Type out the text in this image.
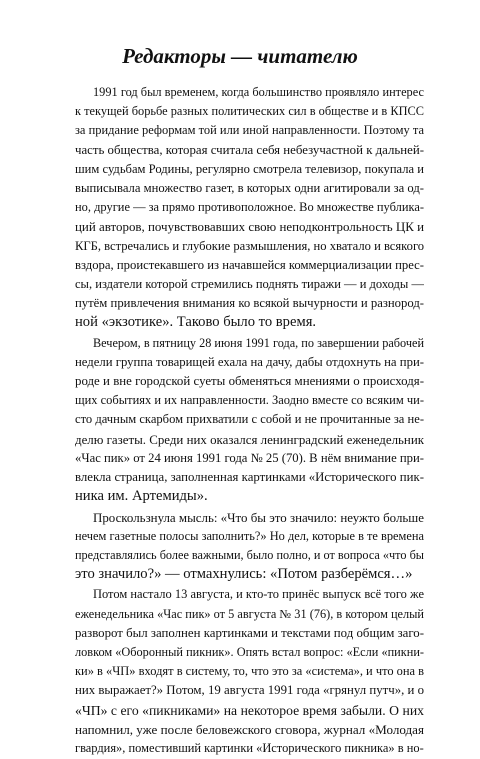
Редакторы — читателю
1991 год был временем, когда большинство проявляло интерес
к текущей борьбе разных политических сил в обществе и в КПСС
за придание реформам той или иной направленности. Поэтому та
часть общества, которая считала себя небезучастной к дальней-
шим судьбам Родины, регулярно смотрела телевизор, покупала и
выписывала множество газет, в которых одни агитировали за од-
но, другие — за прямо противоположное. Во множестве публика-
ций авторов, почувствовавших свою неподконтрольность ЦК и
КГБ, встречались и глубокие размышления, но хватало и всякого
вздора, проистекавшего из начавшейся коммерциализации прес-
сы, издатели которой стремились поднять тиражи — и доходы —
путём привлечения внимания ко всякой вычурности и разнород-
ной «экзотике». Таково было то время.
Вечером, в пятницу 28 июня 1991 года, по завершении рабочей
недели группа товарищей ехала на дачу, дабы отдохнуть на при-
роде и вне городской суеты обменяться мнениями о происходя-
щих событиях и их направленности. Заодно вместе со всяким чи-
сто дачным скарбом прихватили с собой и не прочитанные за не-
делю газеты. Среди них оказался ленинградский еженедельник
«Час пик» от 24 июня 1991 года № 25 (70). В нём внимание при-
влекла страница, заполненная картинками «Исторического пик-
ника им. Артемиды».
Проскользнула мысль: «Что бы это значило: неужто больше
нечем газетные полосы заполнить?» Но дел, которые в те времена
представлялись более важными, было полно, и от вопроса «что бы
это значило?» — отмахнулись: «Потом разберёмся…»
Потом настало 13 августа, и кто-то принёс выпуск всё того же
еженедельника «Час пик» от 5 августа № 31 (76), в котором целый
разворот был заполнен картинками и текстами под общим заго-
ловком «Оборонный пикник». Опять встал вопрос: «Если «пикни-
ки» в «ЧП» входят в систему, то, что это за «система», и что она в
них выражает?» Потом, 19 августа 1991 года «грянул путч», и о
«ЧП» с его «пикниками» на некоторое время забыли. О них
напомнил, уже после беловежского сговора, журнал «Молодая
гвардия», поместивший картинки «Исторического пикника» в но-
